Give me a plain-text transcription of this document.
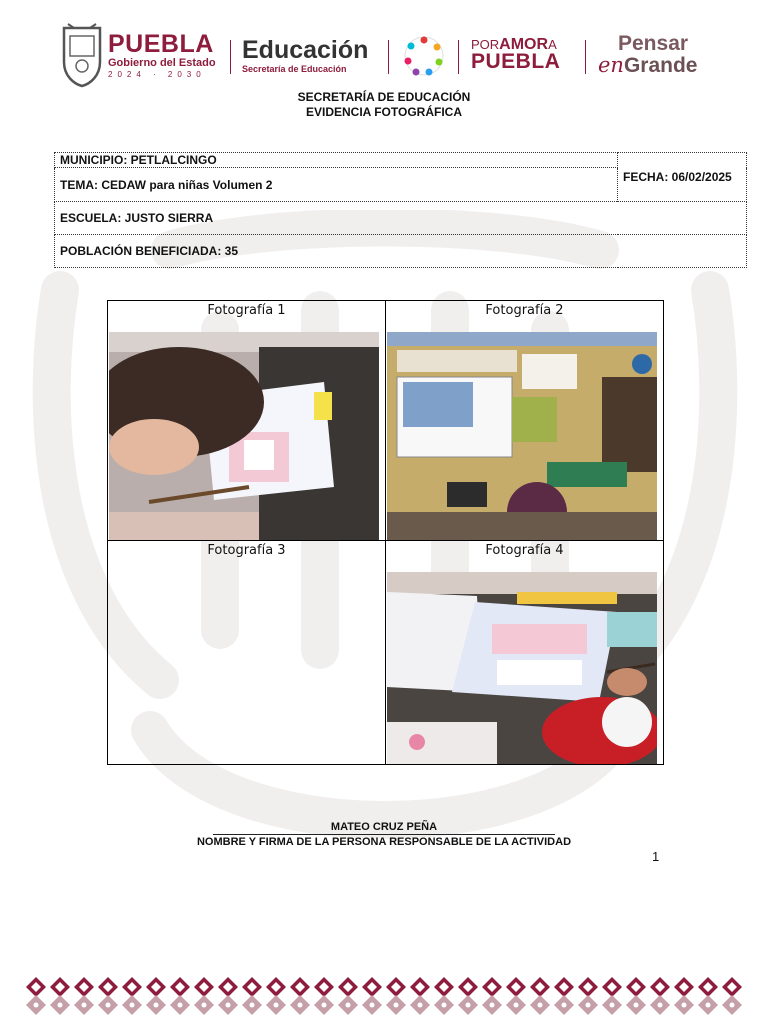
PUEBLA
Gobierno del Estado
2024 · 2030
Educación
Secretaría de Educación
PORAMORA
PUEBLA
Pensar
enGrande
SECRETARÍA DE EDUCACIÓN
EVIDENCIA FOTOGRÁFICA
MUNICIPIO: PETLALCINGO	FECHA: 06/02/2025
TEMA: CEDAW para niñas Volumen 2
ESCUELA: JUSTO SIERRA
POBLACIÓN BENEFICIADA: 35
Fotografía 1	Fotografía 2

Fotografía 3	Fotografía 4
MATEO CRUZ PEÑA
NOMBRE Y FIRMA DE LA PERSONA RESPONSABLE DE LA ACTIVIDAD
1
